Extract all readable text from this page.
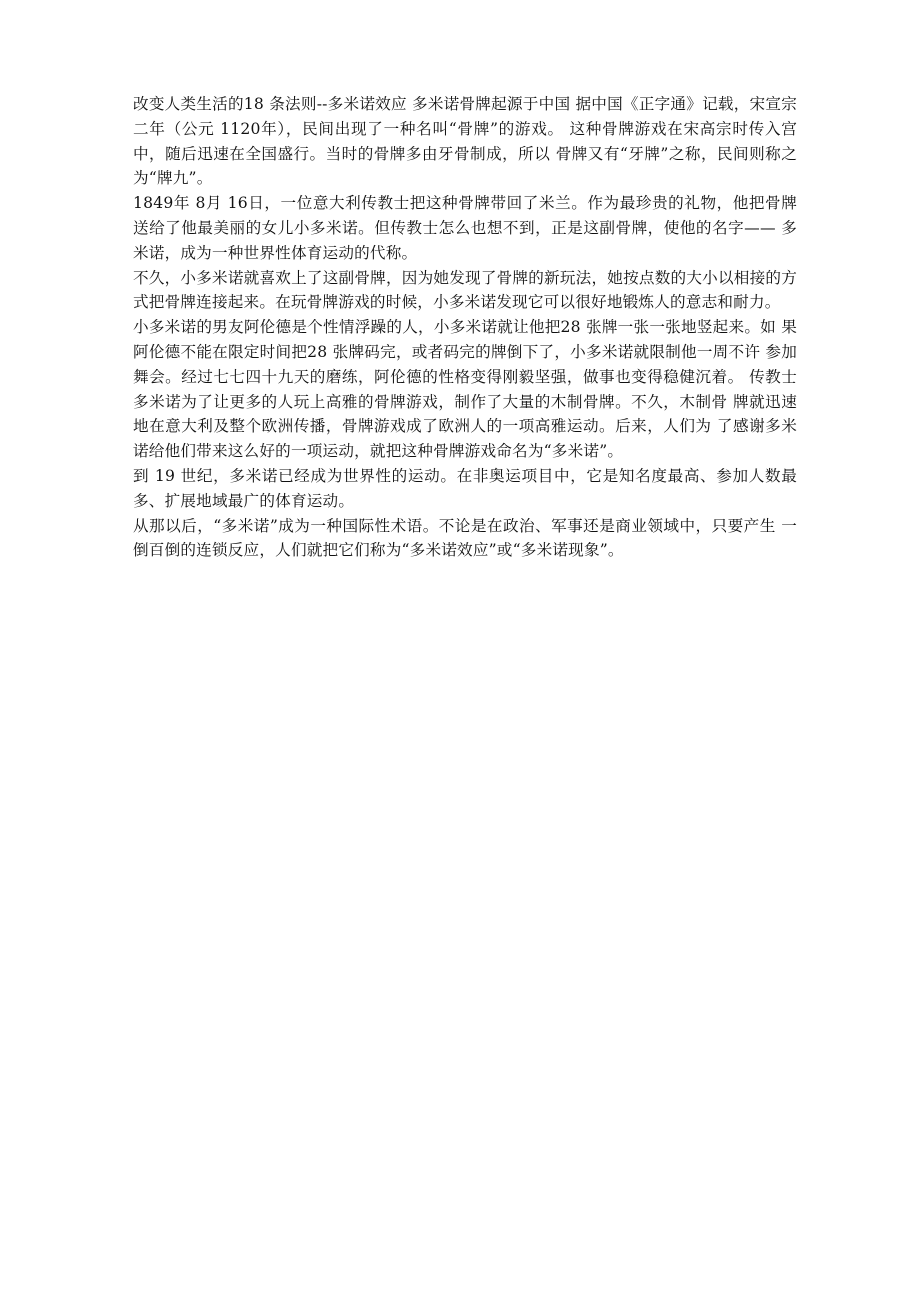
改变人类生活的18 条法则--多米诺效应 多米诺骨牌起源于中国 据中国《正字通》记载，宋宣宗二年（公元 1120年），民间出现了一种名叫“骨牌”的游戏。 这种骨牌游戏在宋高宗时传入宫中，随后迅速在全国盛行。当时的骨牌多由牙骨制成，所以 骨牌又有“牙牌”之称，民间则称之为“牌九”。

1849年 8月 16日，一位意大利传教士把这种骨牌带回了米兰。作为最珍贵的礼物，他把骨牌送给了他最美丽的女儿小多米诺。但传教士怎么也想不到，正是这副骨牌，使他的名字—— 多米诺，成为一种世界性体育运动的代称。

不久，小多米诺就喜欢上了这副骨牌，因为她发现了骨牌的新玩法，她按点数的大小以相接的方式把骨牌连接起来。在玩骨牌游戏的时候，小多米诺发现它可以很好地锻炼人的意志和耐力。

小多米诺的男友阿伦德是个性情浮躁的人，小多米诺就让他把28 张牌一张一张地竖起来。如 果阿伦德不能在限定时间把28 张牌码完，或者码完的牌倒下了，小多米诺就限制他一周不许 参加舞会。经过七七四十九天的磨练，阿伦德的性格变得刚毅坚强，做事也变得稳健沉着。 传教士多米诺为了让更多的人玩上高雅的骨牌游戏，制作了大量的木制骨牌。不久，木制骨 牌就迅速地在意大利及整个欧洲传播，骨牌游戏成了欧洲人的一项高雅运动。后来，人们为 了感谢多米诺给他们带来这么好的一项运动，就把这种骨牌游戏命名为“多米诺”。

到 19 世纪，多米诺已经成为世界性的运动。在非奥运项目中，它是知名度最高、参加人数最 多、扩展地域最广的体育运动。

从那以后，“多米诺”成为一种国际性术语。不论是在政治、军事还是商业领域中，只要产生 一倒百倒的连锁反应，人们就把它们称为“多米诺效应”或“多米诺现象”。
